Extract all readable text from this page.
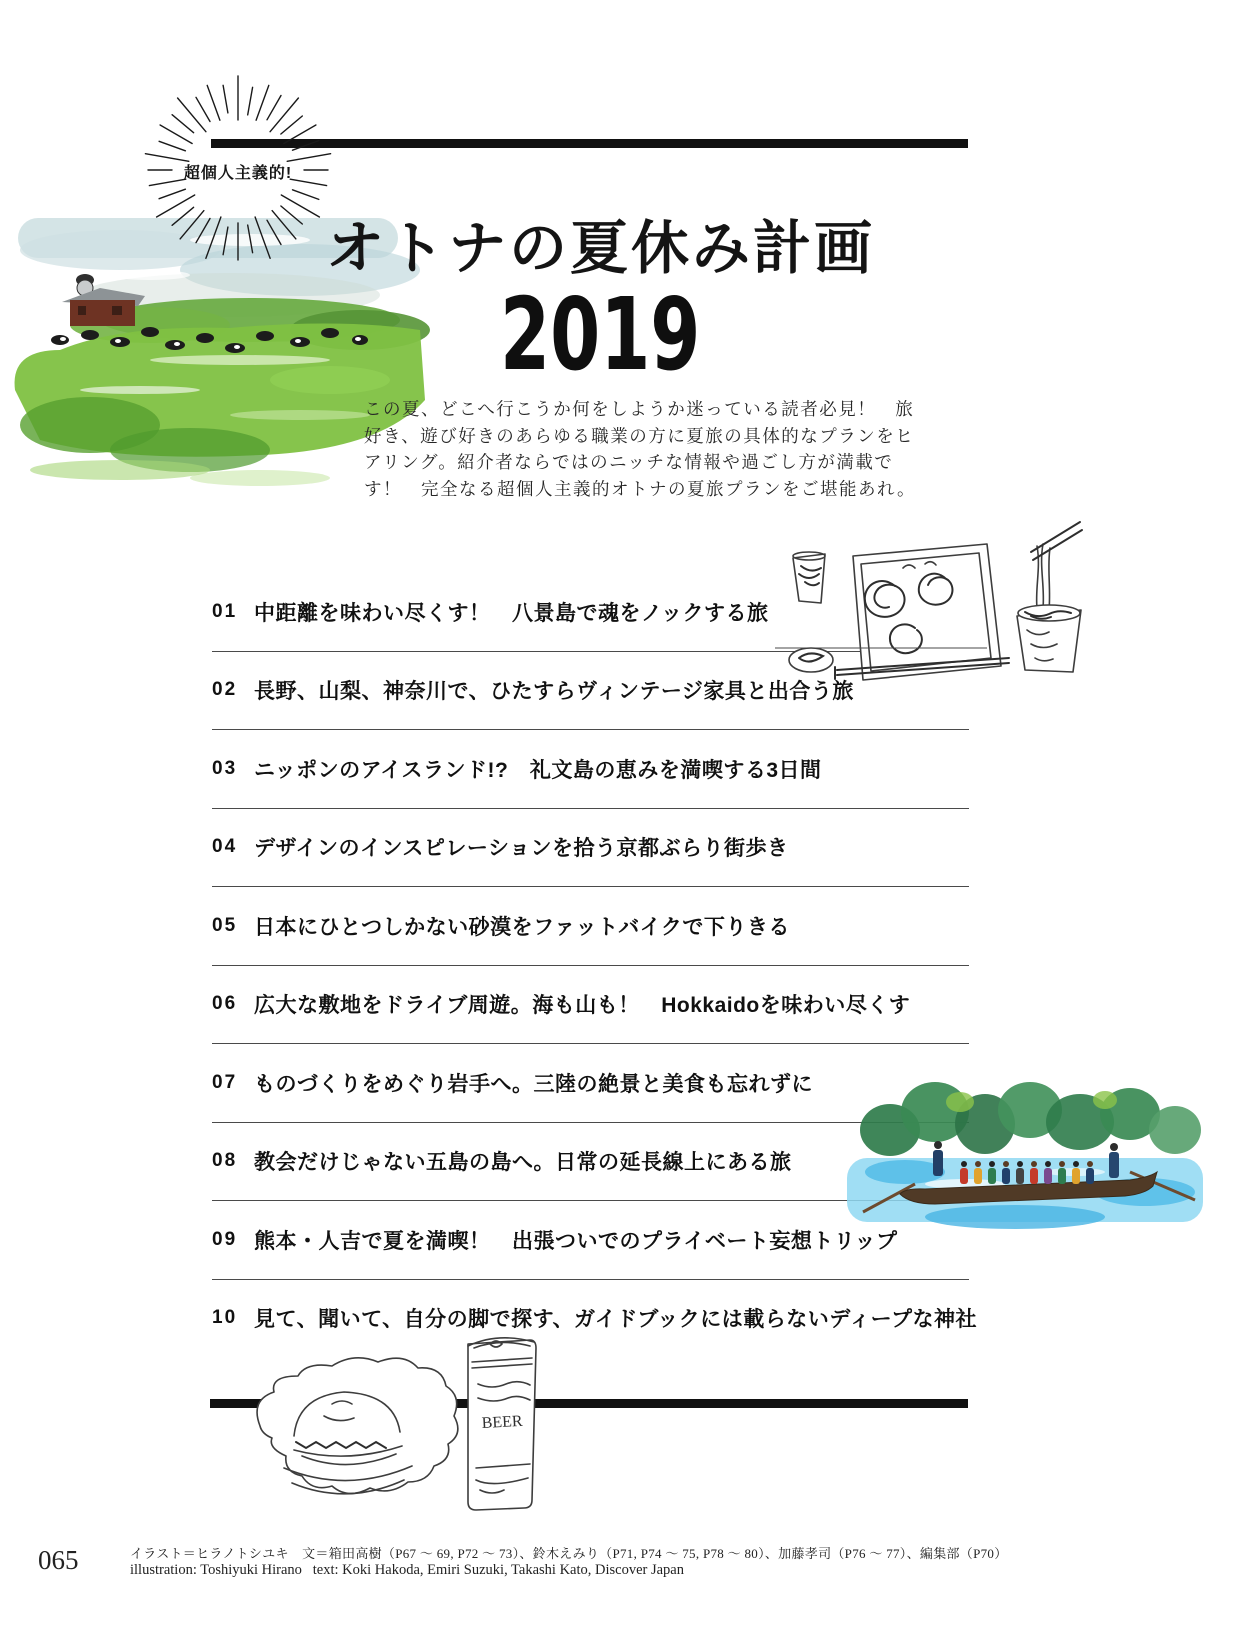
超個人主義的!
オトナの夏休み計画
2019
この夏、どこへ行こうか何をしようか迷っている読者必見！　旅
好き、遊び好きのあらゆる職業の方に夏旅の具体的なプランをヒ
アリング。紹介者ならではのニッチな情報や過ごし方が満載で
す！　完全なる超個人主義的オトナの夏旅プランをご堪能あれ。
01 中距離を味わい尽くす！　八景島で魂をノックする旅
02 長野、山梨、神奈川で、ひたすらヴィンテージ家具と出合う旅
03 ニッポンのアイスランド!?　礼文島の恵みを満喫する3日間
04 デザインのインスピレーションを拾う京都ぶらり街歩き
05 日本にひとつしかない砂漠をファットバイクで下りきる
06 広大な敷地をドライブ周遊。海も山も！　Hokkaidoを味わい尽くす
07 ものづくりをめぐり岩手へ。三陸の絶景と美食も忘れずに
08 教会だけじゃない五島の島へ。日常の延長線上にある旅
09 熊本・人吉で夏を満喫！　出張ついでのプライベート妄想トリップ
10 見て、聞いて、自分の脚で探す、ガイドブックには載らないディープな神社
BEER
065	イラスト＝ヒラノトシユキ　文＝箱田高樹（P67 ～ 69, P72 ～ 73）、鈴木えみり（P71, P74 ～ 75, P78 ～ 80）、加藤孝司（P76 ～ 77）、編集部（P70）
illustration: Toshiyuki Hirano   text: Koki Hakoda, Emiri Suzuki, Takashi Kato, Discover Japan
